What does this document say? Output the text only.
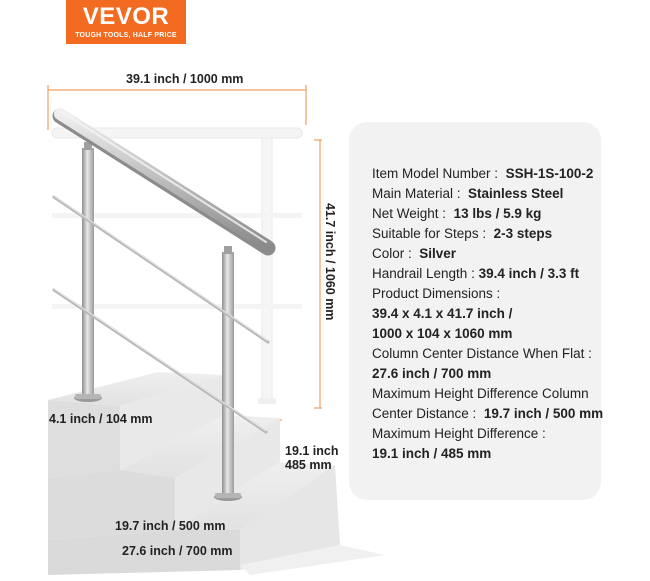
VEVOR
TOUGH TOOLS, HALF PRICE
39.1 inch / 1000 mm
41.7 inch / 1060 mm
4.1 inch / 104 mm
19.1 inch
485 mm
19.7 inch / 500 mm
27.6 inch / 700 mm
Item Model Number : SSH-1S-100-2
Main Material : Stainless Steel
Net Weight : 13 lbs / 5.9 kg
Suitable for Steps : 2-3 steps
Color : Silver
Handrail Length : 39.4 inch / 3.3 ft
Product Dimensions :
39.4 x 4.1 x 41.7 inch /
1000 x 104 x 1060 mm
Column Center Distance When Flat :
27.6 inch / 700 mm
Maximum Height Difference Column
Center Distance : 19.7 inch / 500 mm
Maximum Height Difference :
19.1 inch / 485 mm
